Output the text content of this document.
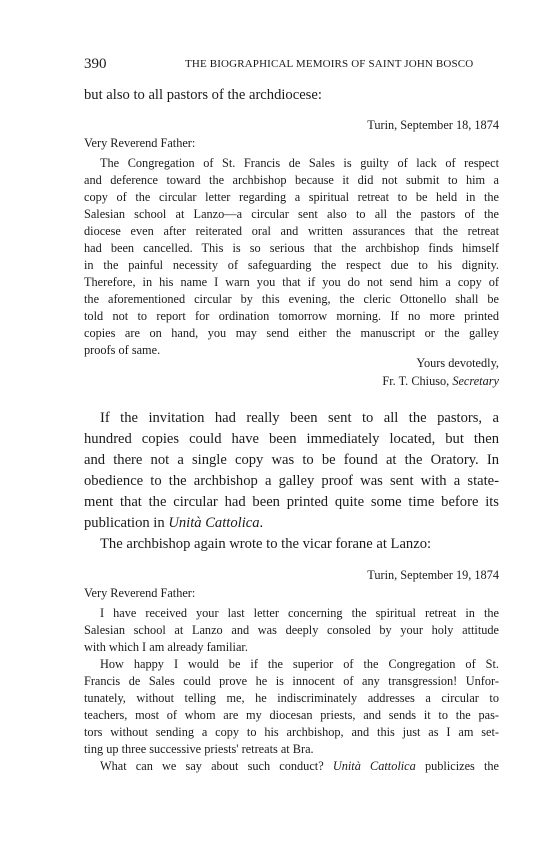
390	THE BIOGRAPHICAL MEMOIRS OF SAINT JOHN BOSCO
but also to all pastors of the archdiocese:
Turin, September 18, 1874
Very Reverend Father:
The Congregation of St. Francis de Sales is guilty of lack of respect
and deference toward the archbishop because it did not submit to him a
copy of the circular letter regarding a spiritual retreat to be held in the
Salesian school at Lanzo—a circular sent also to all the pastors of the
diocese even after reiterated oral and written assurances that the retreat
had been cancelled. This is so serious that the archbishop finds himself
in the painful necessity of safeguarding the respect due to his dignity.
Therefore, in his name I warn you that if you do not send him a copy of
the aforementioned circular by this evening, the cleric Ottonello shall be
told not to report for ordination tomorrow morning. If no more printed
copies are on hand, you may send either the manuscript or the galley
proofs of same.
Yours devotedly,
Fr. T. Chiuso, Secretary
If the invitation had really been sent to all the pastors, a
hundred copies could have been immediately located, but then
and there not a single copy was to be found at the Oratory. In
obedience to the archbishop a galley proof was sent with a state-
ment that the circular had been printed quite some time before its
publication in Unità Cattolica.
The archbishop again wrote to the vicar forane at Lanzo:
Turin, September 19, 1874
Very Reverend Father:
I have received your last letter concerning the spiritual retreat in the
Salesian school at Lanzo and was deeply consoled by your holy attitude
with which I am already familiar.
How happy I would be if the superior of the Congregation of St.
Francis de Sales could prove he is innocent of any transgression! Unfor-
tunately, without telling me, he indiscriminately addresses a circular to
teachers, most of whom are my diocesan priests, and sends it to the pas-
tors without sending a copy to his archbishop, and this just as I am set-
ting up three successive priests' retreats at Bra.
What can we say about such conduct? Unità Cattolica publicizes the
